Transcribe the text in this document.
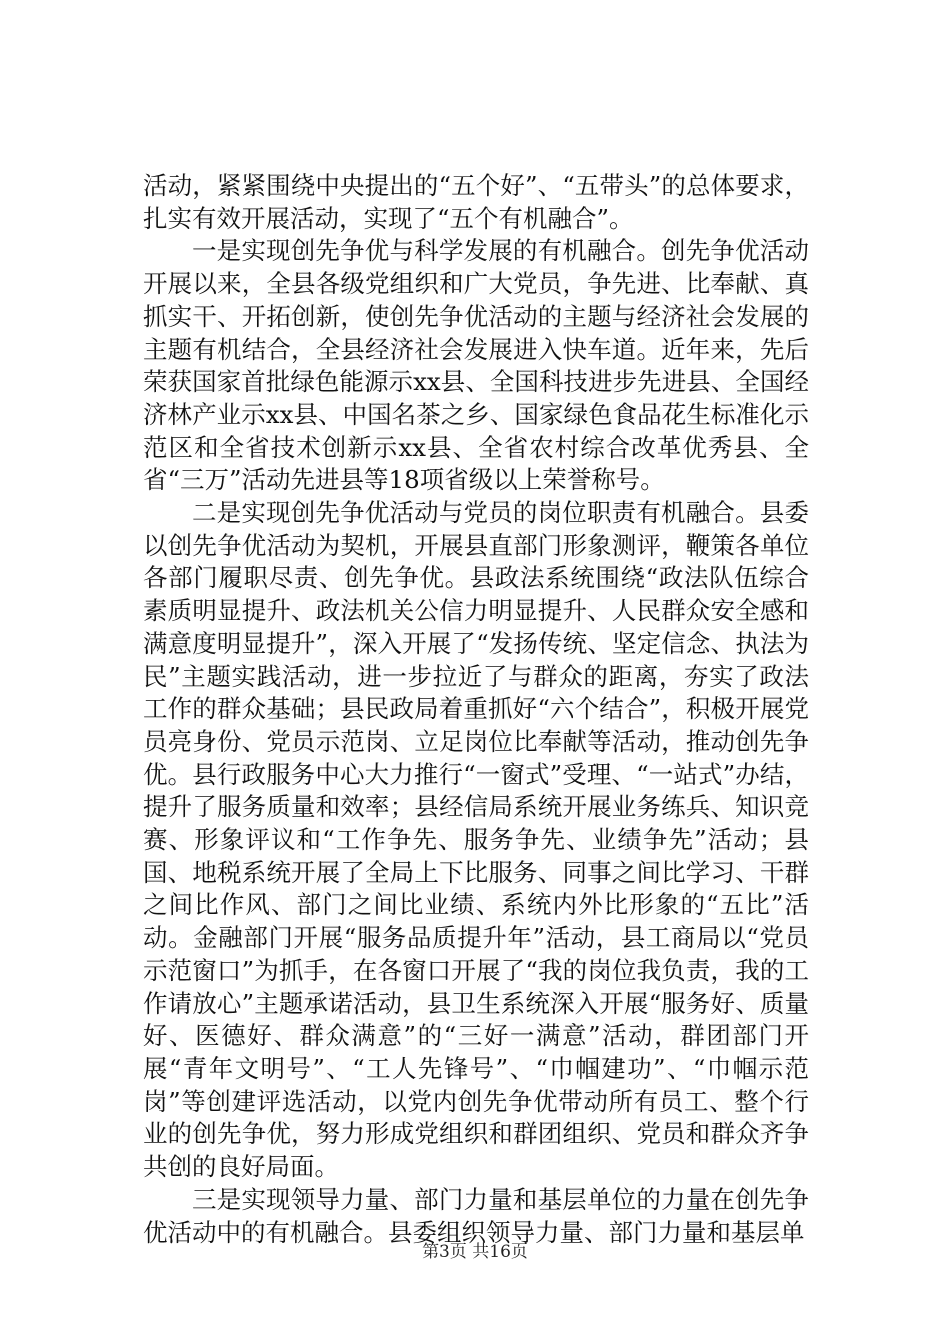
活动，紧紧围绕中央提出的“五个好”、“五带头”的总体要求，扎实有效开展活动，实现了“五个有机融合”。

一是实现创先争优与科学发展的有机融合。创先争优活动开展以来，全县各级党组织和广大党员，争先进、比奉献、真抓实干、开拓创新，使创先争优活动的主题与经济社会发展的主题有机结合，全县经济社会发展进入快车道。近年来，先后荣获国家首批绿色能源示xx县、全国科技进步先进县、全国经济林产业示xx县、中国名茶之乡、国家绿色食品花生标准化示范区和全省技术创新示xx县、全省农村综合改革优秀县、全省“三万”活动先进县等18项省级以上荣誉称号。

二是实现创先争优活动与党员的岗位职责有机融合。县委以创先争优活动为契机，开展县直部门形象测评，鞭策各单位各部门履职尽责、创先争优。县政法系统围绕“政法队伍综合素质明显提升、政法机关公信力明显提升、人民群众安全感和满意度明显提升”，深入开展了“发扬传统、坚定信念、执法为民”主题实践活动，进一步拉近了与群众的距离，夯实了政法工作的群众基础；县民政局着重抓好“六个结合”，积极开展党员亮身份、党员示范岗、立足岗位比奉献等活动，推动创先争优。县行政服务中心大力推行“一窗式”受理、“一站式”办结，提升了服务质量和效率；县经信局系统开展业务练兵、知识竞赛、形象评议和“工作争先、服务争先、业绩争先”活动；县国、地税系统开展了全局上下比服务、同事之间比学习、干群之间比作风、部门之间比业绩、系统内外比形象的“五比”活动。金融部门开展“服务品质提升年”活动，县工商局以“党员示范窗口”为抓手，在各窗口开展了“我的岗位我负责，我的工作请放心”主题承诺活动，县卫生系统深入开展“服务好、质量好、医德好、群众满意”的“三好一满意”活动，群团部门开展“青年文明号”、“工人先锋号”、“巾帼建功”、“巾帼示范岗”等创建评选活动，以党内创先争优带动所有员工、整个行业的创先争优，努力形成党组织和群团组织、党员和群众齐争共创的良好局面。

三是实现领导力量、部门力量和基层单位的力量在创先争优活动中的有机融合。县委组织领导力量、部门力量和基层单

第3页 共16页
